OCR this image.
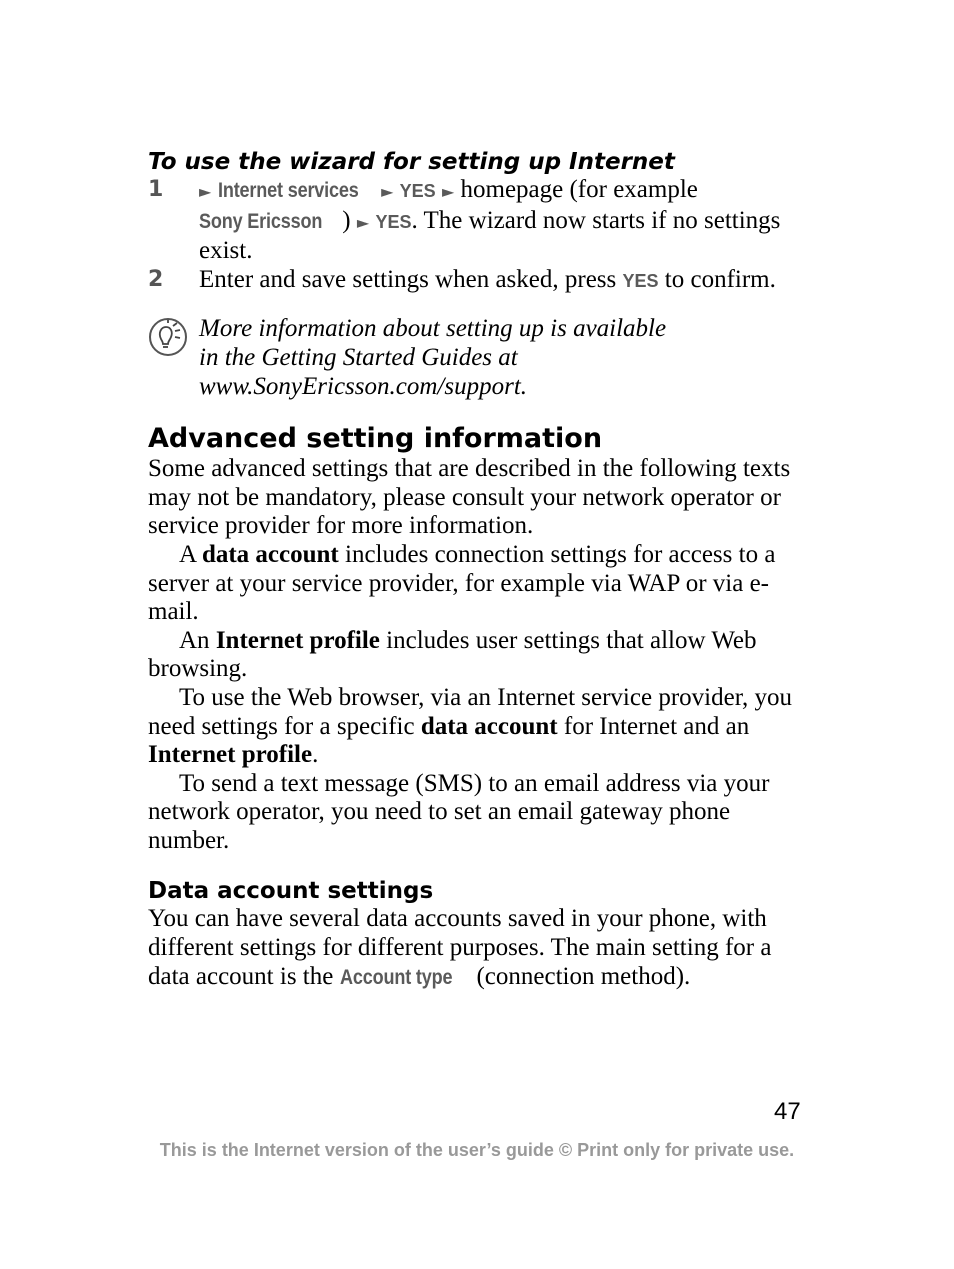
To use the wizard for setting up Internet
1	► Internet services ► YES ► homepage (for example
Sony Ericsson ) ► YES. The wizard now starts if no settings exist.
2	Enter and save settings when asked, press YES to confirm.
More information about setting up is available
in the Getting Started Guides at
www.SonyEricsson.com/support.
Advanced setting information

Some advanced settings that are described in the following texts may not be mandatory, please consult your network operator or service provider for more information.

A data account includes connection settings for access to a server at your service provider, for example via WAP or via e-mail.

An Internet profile includes user settings that allow Web browsing.

To use the Web browser, via an Internet service provider, you need settings for a specific data account for Internet and an Internet profile.

To send a text message (SMS) to an email address via your network operator, you need to set an email gateway phone number.

Data account settings

You can have several data accounts saved in your phone, with different settings for different purposes. The main setting for a data account is the Account type (connection method).

47
This is the Internet version of the user’s guide © Print only for private use.
